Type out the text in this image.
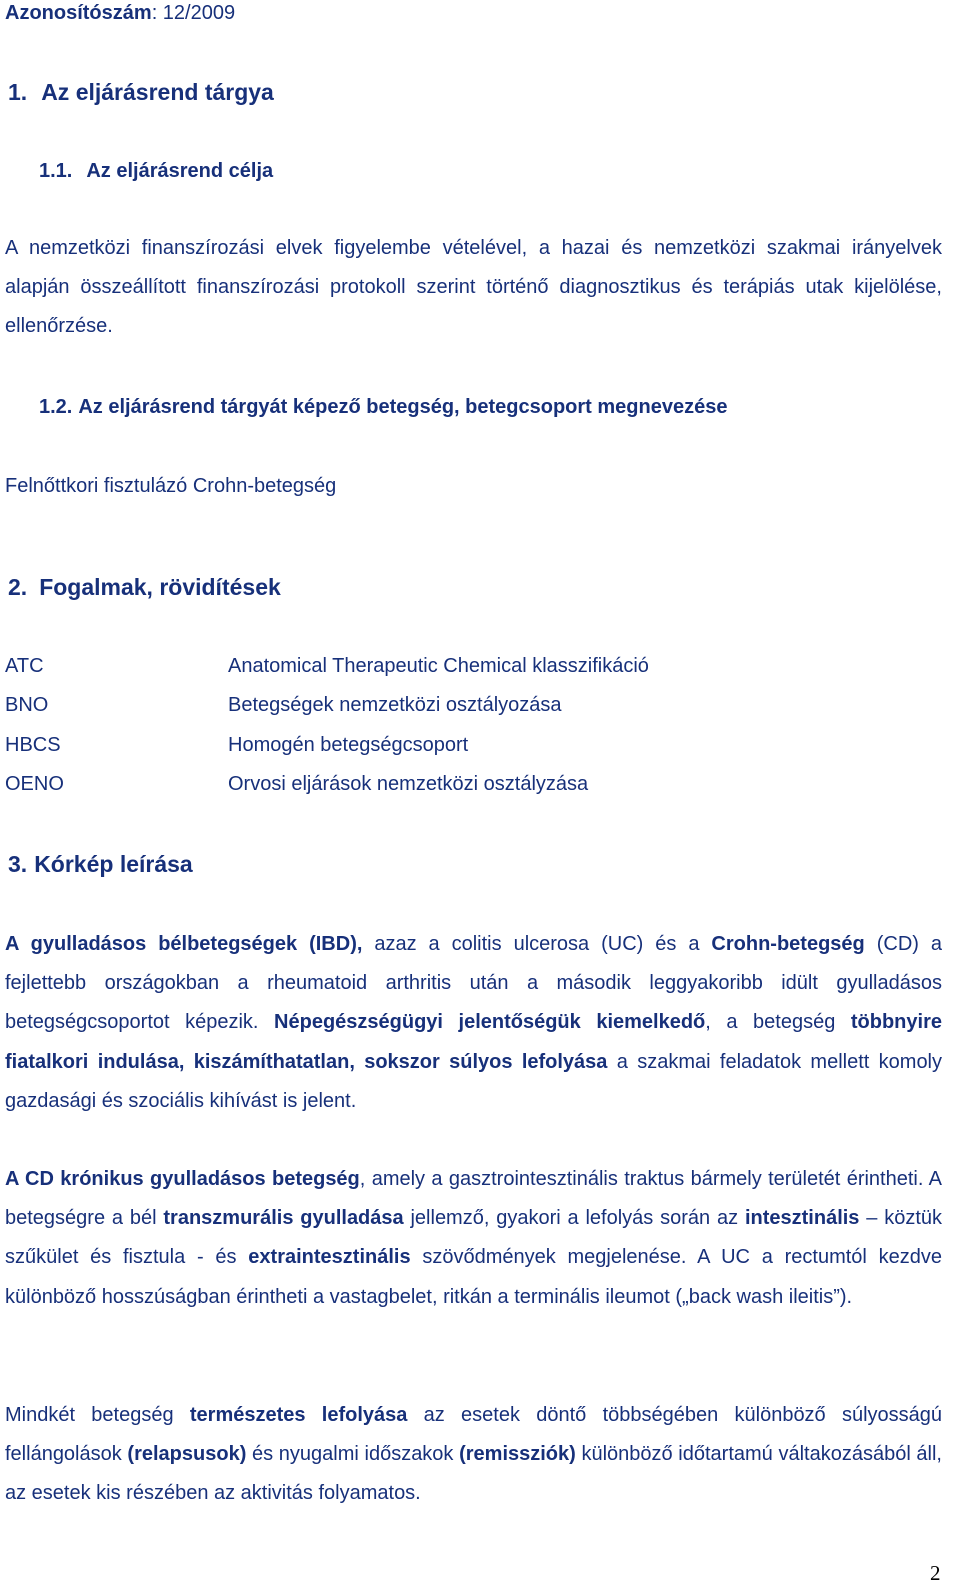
Azonosítószám: 12/2009
1. Az eljárásrend tárgya
1.1. Az eljárásrend célja
A nemzetközi finanszírozási elvek figyelembe vételével, a hazai és nemzetközi szakmai irányelvek alapján összeállított finanszírozási protokoll szerint történő diagnosztikus és terápiás utak kijelölése, ellenőrzése.
1.2. Az eljárásrend tárgyát képező betegség, betegcsoport megnevezése
Felnőttkori fisztulázó Crohn-betegség
2. Fogalmak, rövidítések
ATC	Anatomical Therapeutic Chemical klasszifikáció
BNO	Betegségek nemzetközi osztályozása
HBCS	Homogén betegségcsoport
OENO	Orvosi eljárások nemzetközi osztályzása
3. Kórkép leírása
A gyulladásos bélbetegségek (IBD), azaz a colitis ulcerosa (UC) és a Crohn-betegség (CD) a fejlettebb országokban a rheumatoid arthritis után a második leggyakoribb idült gyulladásos betegségcsoportot képezik. Népegészségügyi jelentőségük kiemelkedő, a betegség többnyire fiatalkori indulása, kiszámíthatatlan, sokszor súlyos lefolyása a szakmai feladatok mellett komoly gazdasági és szociális kihívást is jelent.
A CD krónikus gyulladásos betegség, amely a gasztrointesztinális traktus bármely területét érintheti. A betegségre a bél transzmurális gyulladása jellemző, gyakori a lefolyás során az intesztinális – köztük szűkület és fisztula - és extraintesztinális szövődmények megjelenése. A UC a rectumtól kezdve különböző hosszúságban érintheti a vastagbelet, ritkán a terminális ileumot („back wash ileitis”).
Mindkét betegség természetes lefolyása az esetek döntő többségében különböző súlyosságú fellángolások (relapsusok) és nyugalmi időszakok (remissziók) különböző időtartamú váltakozásából áll, az esetek kis részében az aktivitás folyamatos.
2
